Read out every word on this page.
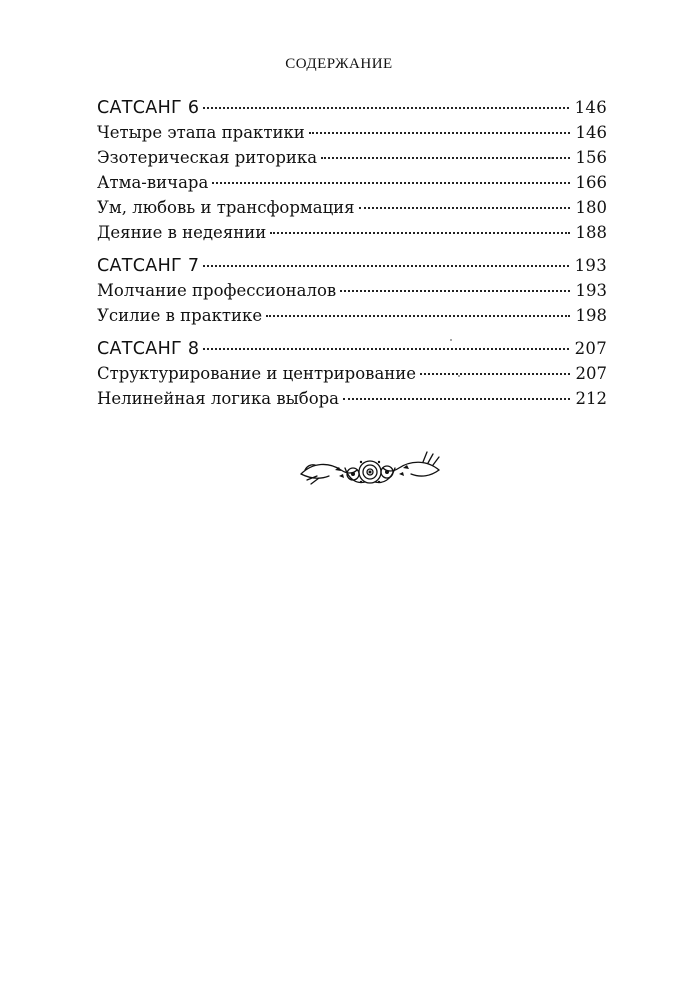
СОДЕРЖАНИЕ
САТСАНГ 6	146
Четыре этапа практики	146
Эзотерическая риторика	156
Атма-вичара	166
Ум, любовь и трансформация	180
Деяние в недеянии	188
САТСАНГ 7	193
Молчание профессионалов	193
Усилие в практике	198
САТСАНГ 8	207
Структурирование и центрирование	207
Нелинейная логика выбора	212
